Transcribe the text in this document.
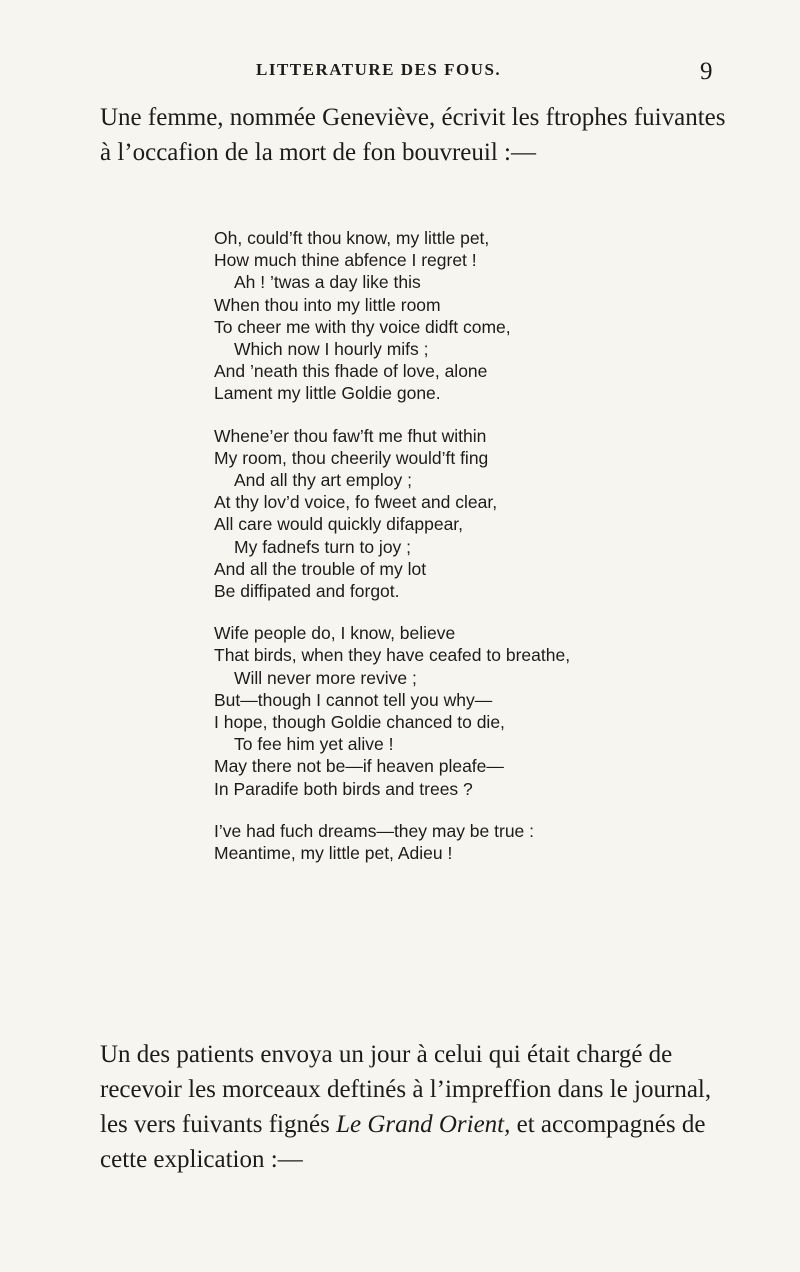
LITTERATURE DES FOUS.	9

Une femme, nommée Geneviève, écrivit les ftrophes fuivantes à l’occafion de la mort de fon bouvreuil :—

Oh, could’ft thou know, my little pet,
How much thine abfence I regret !
Ah ! ’twas a day like this
When thou into my little room
To cheer me with thy voice didft come,
Which now I hourly mifs ;
And ’neath this fhade of love, alone
Lament my little Goldie gone.
Whene’er thou faw’ft me fhut within
My room, thou cheerily would’ft fing
And all thy art employ ;
At thy lov’d voice, fo fweet and clear,
All care would quickly difappear,
My fadnefs turn to joy ;
And all the trouble of my lot
Be diffipated and forgot.
Wife people do, I know, believe
That birds, when they have ceafed to breathe,
Will never more revive ;
But—though I cannot tell you why—
I hope, though Goldie chanced to die,
To fee him yet alive !
May there not be—if heaven pleafe—
In Paradife both birds and trees ?
I’ve had fuch dreams—they may be true :
Meantime, my little pet, Adieu !

Un des patients envoya un jour à celui qui était chargé de recevoir les morceaux deftinés à l’impreffion dans le journal, les vers fuivants fignés Le Grand Orient, et accompagnés de cette explication :—
